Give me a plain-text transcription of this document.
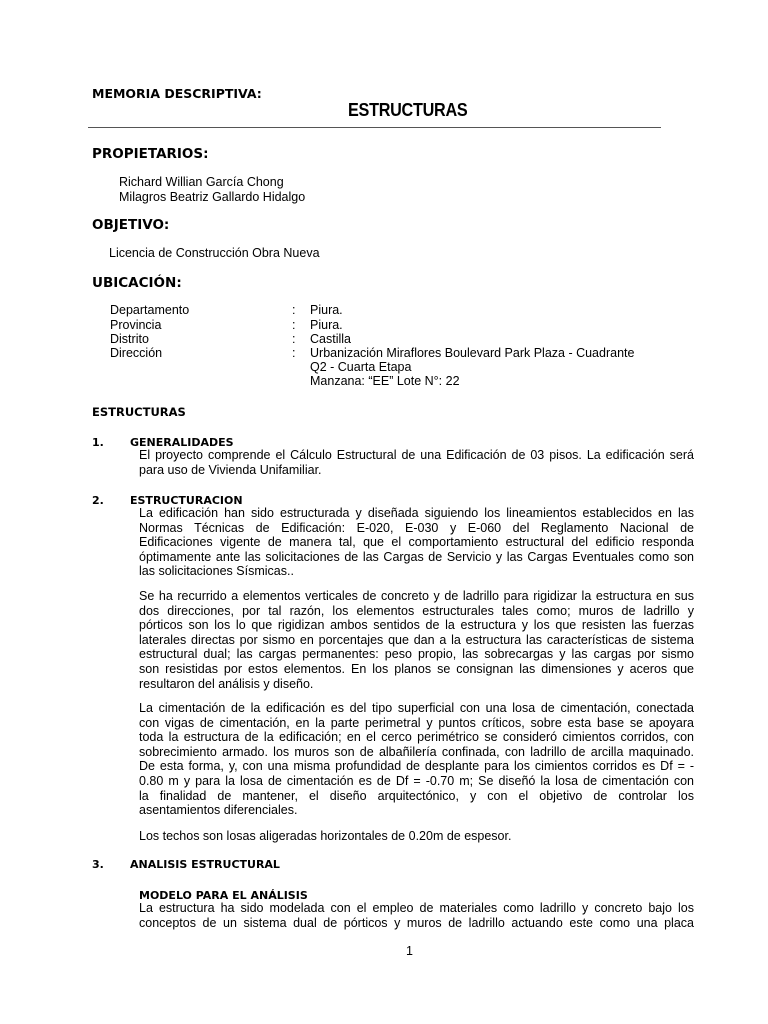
MEMORIA DESCRIPTIVA:
ESTRUCTURAS
PROPIETARIOS:
Richard Willian García Chong
Milagros Beatriz Gallardo Hidalgo
OBJETIVO:
Licencia de Construcción Obra Nueva
UBICACIÓN:
Departamento	: Piura.
Provincia	: Piura.
Distrito	: Castilla
Dirección	: Urbanización Miraflores Boulevard Park Plaza - Cuadrante
Q2 - Cuarta Etapa
Manzana: “EE” Lote N°: 22
ESTRUCTURAS
1. GENERALIDADES
El proyecto comprende el Cálculo Estructural de una Edificación de 03 pisos. La edificación será
para uso de Vivienda Unifamiliar.
2. ESTRUCTURACION
La edificación han sido estructurada y diseñada siguiendo los lineamientos establecidos en las
Normas Técnicas de Edificación: E-020, E-030 y E-060 del Reglamento Nacional de
Edificaciones vigente de manera tal, que el comportamiento estructural del edificio responda
óptimamente ante las solicitaciones de las Cargas de Servicio y las Cargas Eventuales como son
las solicitaciones Sísmicas..
Se ha recurrido a elementos verticales de concreto y de ladrillo para rigidizar la estructura en sus
dos direcciones, por tal razón, los elementos estructurales tales como; muros de ladrillo y
pórticos son los lo que rigidizan ambos sentidos de la estructura y los que resisten las fuerzas
laterales directas por sismo en porcentajes que dan a la estructura las características de sistema
estructural dual; las cargas permanentes: peso propio, las sobrecargas y las cargas por sismo
son resistidas por estos elementos. En los planos se consignan las dimensiones y aceros que
resultaron del análisis y diseño.
La cimentación de la edificación es del tipo superficial con una losa de cimentación, conectada
con vigas de cimentación, en la parte perimetral y puntos críticos, sobre esta base se apoyara
toda la estructura de la edificación; en el cerco perimétrico se consideró cimientos corridos, con
sobrecimiento armado. los muros son de albañilería confinada, con ladrillo de arcilla maquinado.
De esta forma, y, con una misma profundidad de desplante para los cimientos corridos es Df = -
0.80 m y para la losa de cimentación es de Df = -0.70 m; Se diseñó la losa de cimentación con
la finalidad de mantener, el diseño arquitectónico, y con el objetivo de controlar los
asentamientos diferenciales.
Los techos son losas aligeradas horizontales de 0.20m de espesor.
3. ANALISIS ESTRUCTURAL
MODELO PARA EL ANÁLISIS
La estructura ha sido modelada con el empleo de materiales como ladrillo y concreto bajo los
conceptos de un sistema dual de pórticos y muros de ladrillo actuando este como una placa
1
